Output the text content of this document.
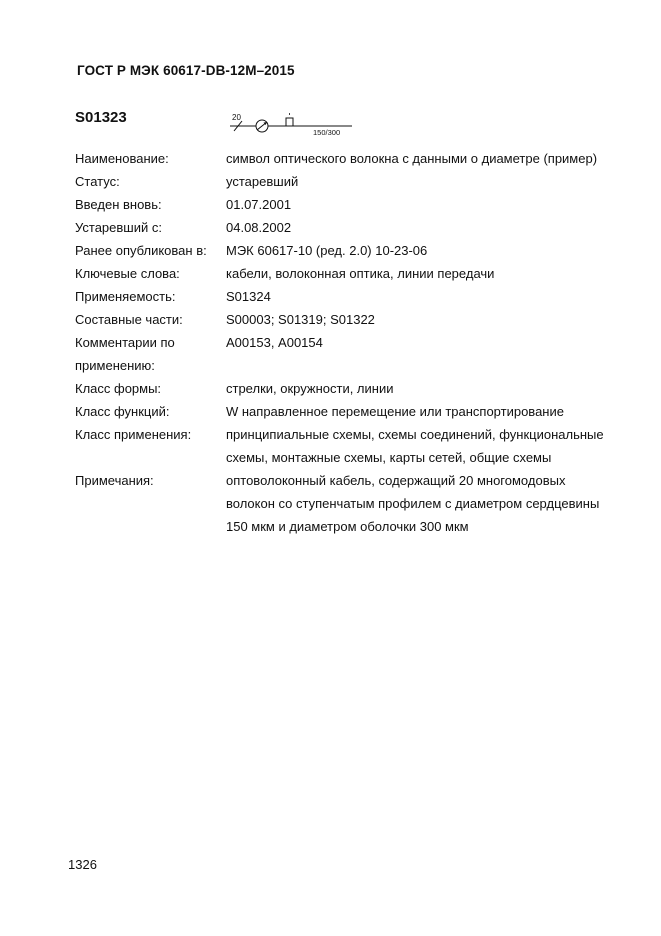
ГОСТ Р МЭК 60617-DB-12M–2015
S01323	20
150/300
Наименование:	символ оптического волокна с данными о диаметре (пример)
Статус:	устаревший
Введен вновь:	01.07.2001
Устаревший с:	04.08.2002
Ранее опубликован в:	МЭК 60617-10 (ред. 2.0) 10-23-06
Ключевые слова:	кабели, волоконная оптика, линии передачи
Применяемость:	S01324
Составные части:	S00003; S01319; S01322
Комментарии по
применению:
А00153, А00154
Класс формы:	стрелки, окружности, линии
Класс функций:	W направленное перемещение или транспортирование
Класс применения:	принципиальные схемы, схемы соединений, функциональные
схемы, монтажные схемы, карты сетей, общие схемы
Примечания:	оптоволоконный кабель, содержащий 20 многомодовых
волокон со ступенчатым профилем с диаметром сердцевины
150 мкм и диаметром оболочки 300 мкм
1326
